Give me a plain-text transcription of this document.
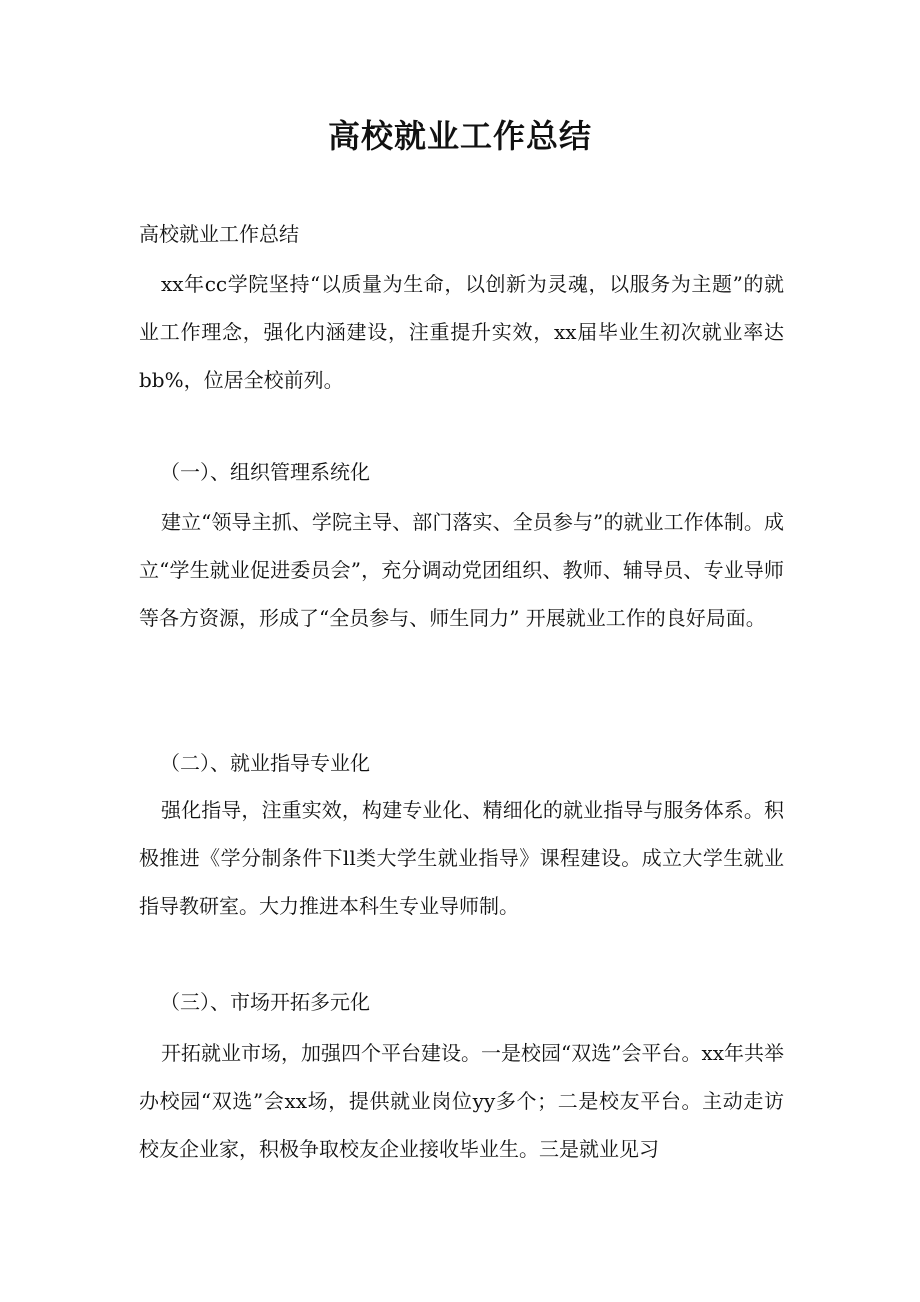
高校就业工作总结
高校就业工作总结

xx年cc学院坚持“以质量为生命，以创新为灵魂，以服务为主题”的就业工作理念，强化内涵建设，注重提升实效，xx届毕业生初次就业率达bb%，位居全校前列。

（一）、组织管理系统化

建立“领导主抓、学院主导、部门落实、全员参与”的就业工作体制。成立“学生就业促进委员会”，充分调动党团组织、教师、辅导员、专业导师等各方资源，形成了“全员参与、师生同力” 开展就业工作的良好局面。

（二）、就业指导专业化

强化指导，注重实效，构建专业化、精细化的就业指导与服务体系。积极推进《学分制条件下ll类大学生就业指导》课程建设。成立大学生就业指导教研室。大力推进本科生专业导师制。

（三）、市场开拓多元化

开拓就业市场，加强四个平台建设。一是校园“双选”会平台。xx年共举办校园“双选”会xx场，提供就业岗位yy多个；二是校友平台。主动走访校友企业家，积极争取校友企业接收毕业生。三是就业见习
